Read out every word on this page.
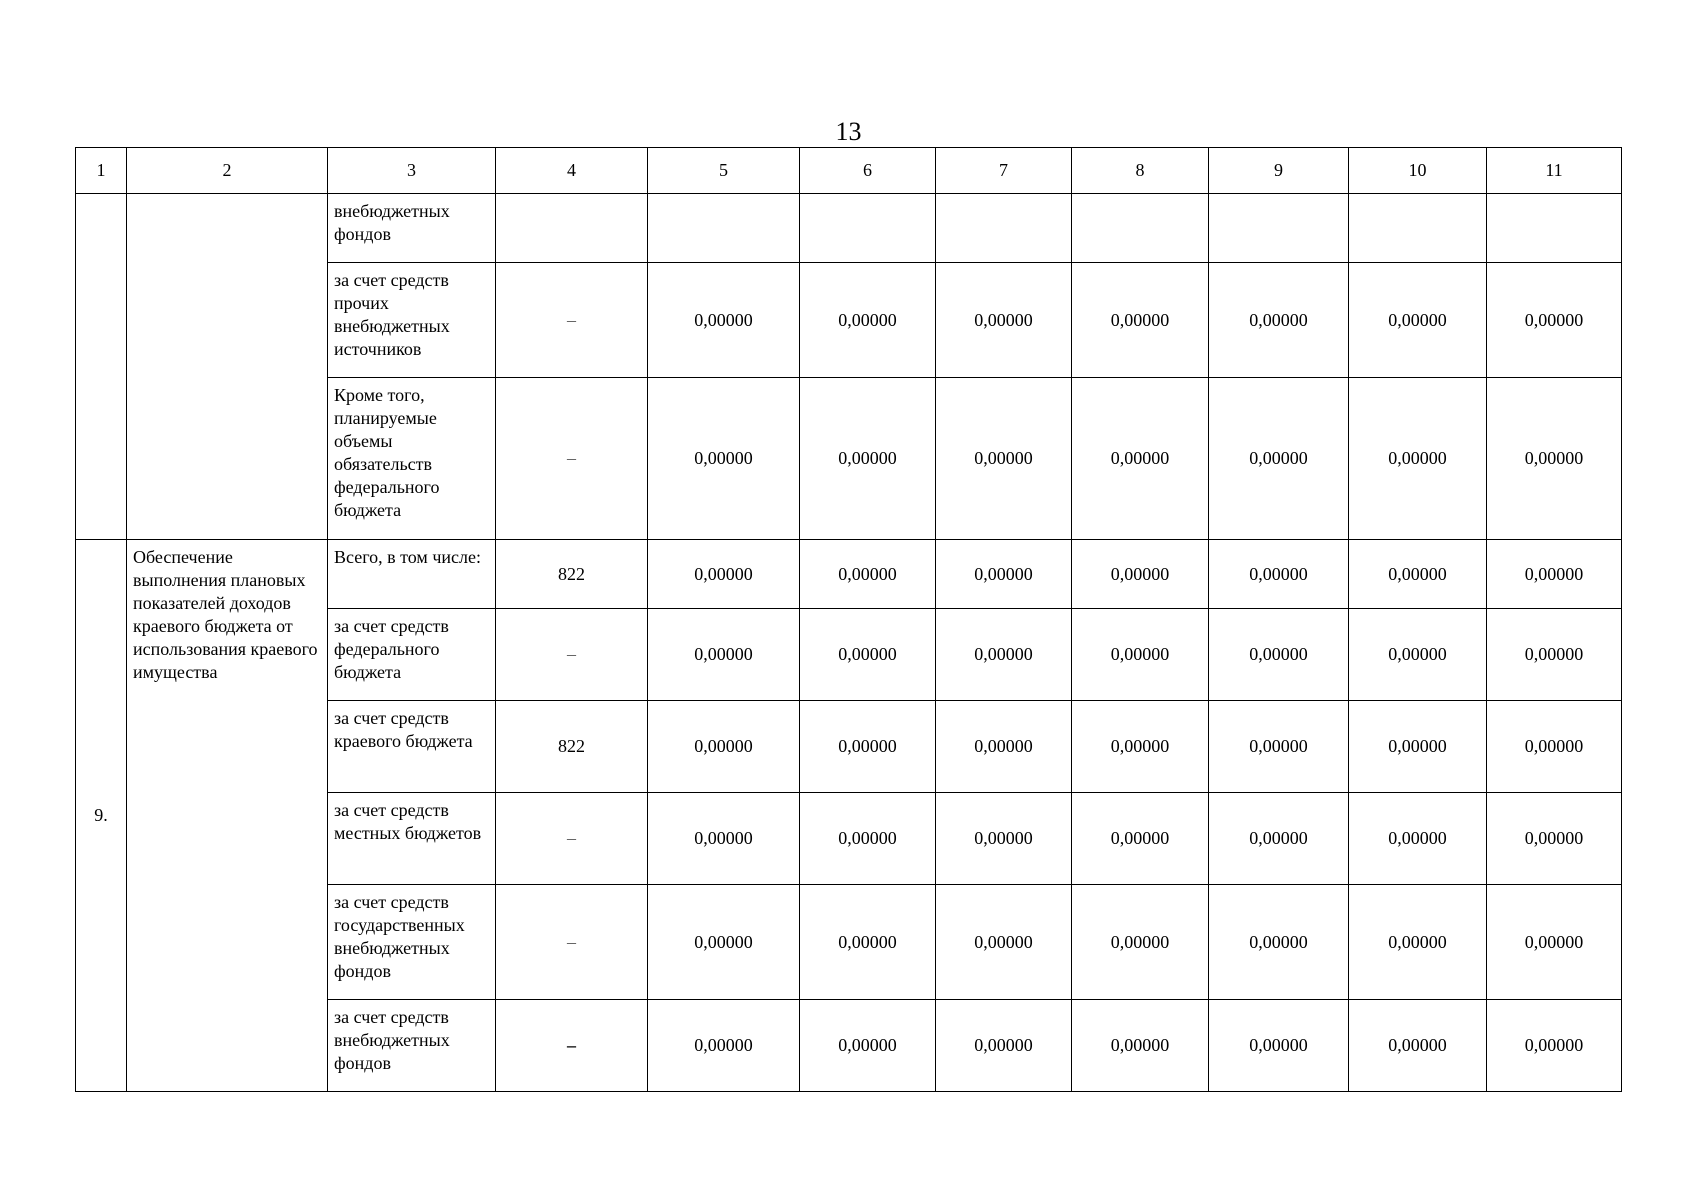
13
1	2	3	4	5	6	7	8	9	10	11
		внебюджетных фондов								
		за счет средств прочих внебюджетных источников	–	0,00000	0,00000	0,00000	0,00000	0,00000	0,00000	0,00000
		Кроме того, планируемые объемы обязательств федерального бюджета	–	0,00000	0,00000	0,00000	0,00000	0,00000	0,00000	0,00000
9.	Обеспечение выполнения плановых показателей доходов краевого бюджета от использования краевого имущества	Всего, в том числе:	822	0,00000	0,00000	0,00000	0,00000	0,00000	0,00000	0,00000
		за счет средств федерального бюджета	–	0,00000	0,00000	0,00000	0,00000	0,00000	0,00000	0,00000
		за счет средств краевого бюджета	822	0,00000	0,00000	0,00000	0,00000	0,00000	0,00000	0,00000
		за счет средств местных бюджетов	–	0,00000	0,00000	0,00000	0,00000	0,00000	0,00000	0,00000
		за счет средств государственных внебюджетных фондов	–	0,00000	0,00000	0,00000	0,00000	0,00000	0,00000	0,00000
		за счет средств внебюджетных фондов	–	0,00000	0,00000	0,00000	0,00000	0,00000	0,00000	0,00000
